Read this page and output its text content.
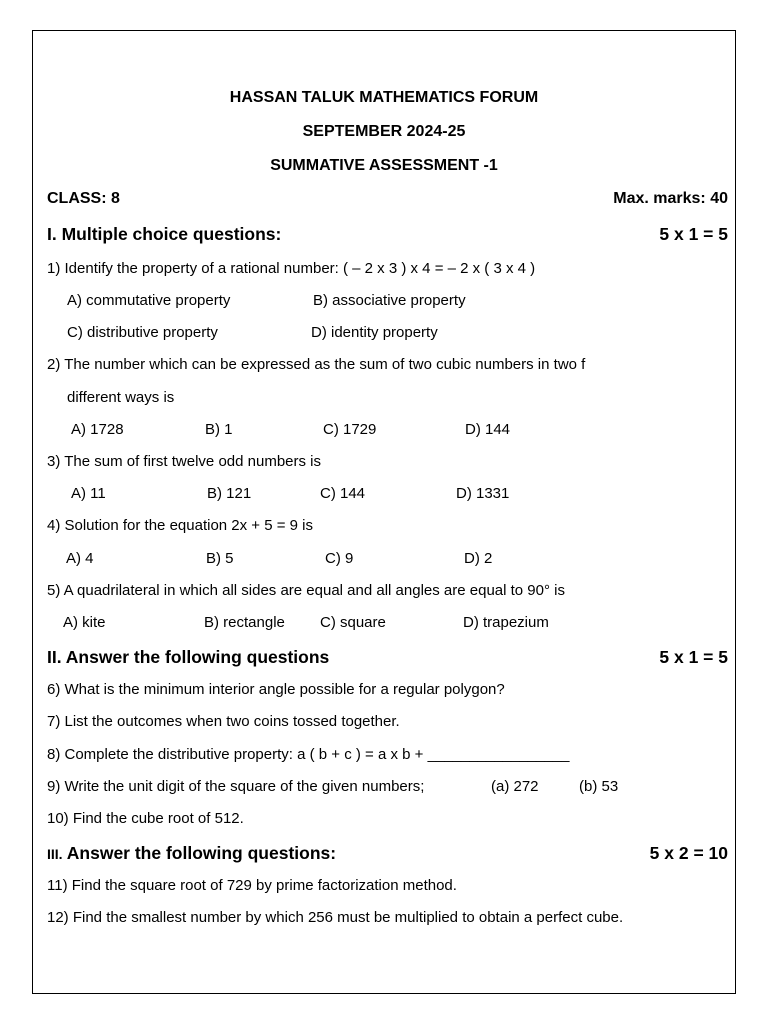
HASSAN TALUK MATHEMATICS FORUM
SEPTEMBER 2024-25
SUMMATIVE ASSESSMENT -1
CLASS: 8	Max. marks: 40
I. Multiple choice questions:	5 x 1 = 5
1) Identify the property of a rational number: ( – 2 x 3 ) x 4 = – 2 x ( 3 x 4 )
A) commutative property	B) associative property
C) distributive property	D) identity property
2) The number which can be expressed as the sum of two cubic numbers in two f
different ways is
A) 1728	B) 1	C) 1729	D) 144
3) The sum of first twelve odd numbers is
A) 11	B) 121	C) 144	D) 1331
4) Solution for the equation 2x + 5 = 9 is
A) 4	B) 5	C) 9	D) 2
5) A quadrilateral in which all sides are equal and all angles are equal to 90° is
A) kite	B) rectangle C) square	D) trapezium
II. Answer the following questions	5 x 1 = 5
6) What is the minimum interior angle possible for a regular polygon?
7) List the outcomes when two coins tossed together.
8) Complete the distributive property: a ( b + c ) = a x b + _________________
9) Write the unit digit of the square of the given numbers;	(a) 272	(b) 53
10) Find the cube root of 512.
III. Answer the following questions:	5 x 2 = 10
11) Find the square root of 729 by prime factorization method.
12) Find the smallest number by which 256 must be multiplied to obtain a perfect cube.
